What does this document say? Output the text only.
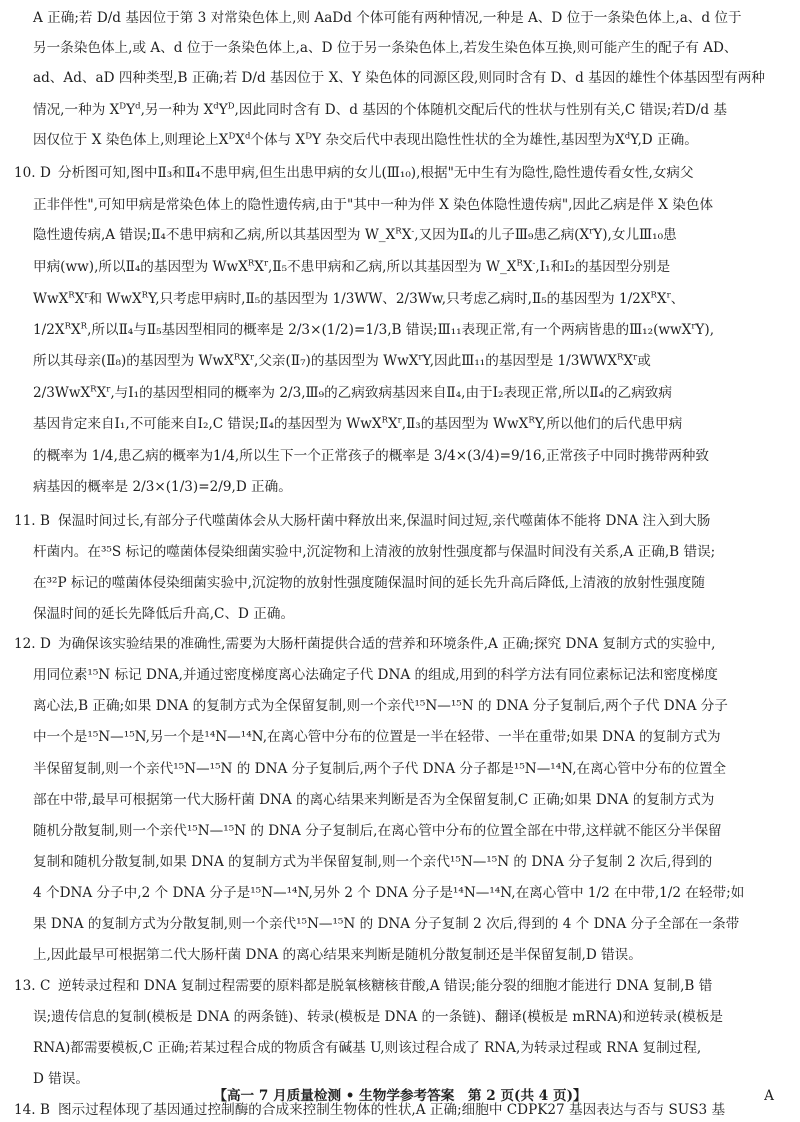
A 正确;若 D/d 基因位于第 3 对常染色体上,则 AaDd 个体可能有两种情况,一种是 A、D 位于一条染色体上,a、d 位于
另一条染色体上,或 A、d 位于一条染色体上,a、D 位于另一条染色体上,若发生染色体互换,则可能产生的配子有 AD、
ad、Ad、aD 四种类型,B 正确;若 D/d 基因位于 X、Y 染色体的同源区段,则同时含有 D、d 基因的雄性个体基因型有两种
情况,一种为 $X^DY^d$,另一种为 $X^dY^D$,因此同时含有 D、d 基因的个体随机交配后代的性状与性别有关,C 错误;若D/d 基
因仅位于 X 染色体上,则理论上$X^DX^d$个体与 $X^DY$ 杂交后代中表现出隐性性状的全为雄性,基因型为$X^dY,D$ 正确。
10. D 分析图可知,图中Ⅱ₃和Ⅱ₄不患甲病,但生出患甲病的女儿(Ⅲ₁₀),根据"无中生有为隐性,隐性遗传看女性,女病父
正非伴性",可知甲病是常染色体上的隐性遗传病,由于"其中一种为伴 X 染色体隐性遗传病",因此乙病是伴 X 染色体
隐性遗传病,A 错误;Ⅱ₄不患甲病和乙病,所以其基因型为 $W\_X^RX^-$,又因为Ⅱ₄的儿子Ⅲ₉患乙病$(X^rY)$,女儿Ⅲ₁₀患
甲病(ww),所以Ⅱ₄的基因型为 $WwX^RX^r,Ⅱ_5$不患甲病和乙病,所以其基因型为 $W\_X^RX^-,Ⅰ_1$和Ⅰ₂的基因型分别是
$WwX^RX^r$和 WwX$^R$Y,只考虑甲病时,Ⅱ₅的基因型为 1/3WW、2/3Ww,只考虑乙病时,Ⅱ₅的基因型为 $1/2X^RX^r$、
$1/2X^RX^R$,所以Ⅱ₄与Ⅱ₅基因型相同的概率是 2/3×(1/2)=1/3,B 错误;Ⅲ₁₁表现正常,有一个两病皆患的Ⅲ₁₂(wwX$^r$Y),
所以其母亲(Ⅱ₈)的基因型为 $WwX^RX^r$,父亲(Ⅱ₇)的基因型为 WwX$^r$Y,因此Ⅲ₁₁的基因型是 $1/3WWX^RX^r$或
$2/3WwX^RX^r$,与Ⅰ₁的基因型相同的概率为 2/3,Ⅲ₉的乙病致病基因来自Ⅱ₄,由于Ⅰ₂表现正常,所以Ⅱ₄的乙病致病
基因肯定来自Ⅰ₁,不可能来自Ⅰ₂,C 错误;Ⅱ₄的基因型为 $WwX^RX^r,Ⅱ_3$的基因型为 WwX$^R$Y,所以他们的后代患甲病
的概率为 1/4,患乙病的概率为1/4,所以生下一个正常孩子的概率是 3/4×(3/4)=9/16,正常孩子中同时携带两种致
病基因的概率是 2/3×(1/3)=2/9,D 正确。
11. B 保温时间过长,有部分子代噬菌体会从大肠杆菌中释放出来,保温时间过短,亲代噬菌体不能将 DNA 注入到大肠
杆菌内。在³⁵S 标记的噬菌体侵染细菌实验中,沉淀物和上清液的放射性强度都与保温时间没有关系,A 正确,B 错误;
在³²P 标记的噬菌体侵染细菌实验中,沉淀物的放射性强度随保温时间的延长先升高后降低,上清液的放射性强度随
保温时间的延长先降低后升高,C、D 正确。
12. D 为确保该实验结果的准确性,需要为大肠杆菌提供合适的营养和环境条件,A 正确;探究 DNA 复制方式的实验中,
用同位素¹⁵N 标记 DNA,并通过密度梯度离心法确定子代 DNA 的组成,用到的科学方法有同位素标记法和密度梯度
离心法,B 正确;如果 DNA 的复制方式为全保留复制,则一个亲代¹⁵N—¹⁵N 的 DNA 分子复制后,两个子代 DNA 分子
中一个是¹⁵N—¹⁵N,另一个是¹⁴N—¹⁴N,在离心管中分布的位置是一半在轻带、一半在重带;如果 DNA 的复制方式为
半保留复制,则一个亲代¹⁵N—¹⁵N 的 DNA 分子复制后,两个子代 DNA 分子都是¹⁵N—¹⁴N,在离心管中分布的位置全
部在中带,最早可根据第一代大肠杆菌 DNA 的离心结果来判断是否为全保留复制,C 正确;如果 DNA 的复制方式为
随机分散复制,则一个亲代¹⁵N—¹⁵N 的 DNA 分子复制后,在离心管中分布的位置全部在中带,这样就不能区分半保留
复制和随机分散复制,如果 DNA 的复制方式为半保留复制,则一个亲代¹⁵N—¹⁵N 的 DNA 分子复制 2 次后,得到的
4 个DNA 分子中,2 个 DNA 分子是¹⁵N—¹⁴N,另外 2 个 DNA 分子是¹⁴N—¹⁴N,在离心管中 1/2 在中带,1/2 在轻带;如
果 DNA 的复制方式为分散复制,则一个亲代¹⁵N—¹⁵N 的 DNA 分子复制 2 次后,得到的 4 个 DNA 分子全部在一条带
上,因此最早可根据第二代大肠杆菌 DNA 的离心结果来判断是随机分散复制还是半保留复制,D 错误。
13. C 逆转录过程和 DNA 复制过程需要的原料都是脱氧核糖核苷酸,A 错误;能分裂的细胞才能进行 DNA 复制,B 错
误;遗传信息的复制(模板是 DNA 的两条链)、转录(模板是 DNA 的一条链)、翻译(模板是 mRNA)和逆转录(模板是
RNA)都需要模板,C 正确;若某过程合成的物质含有碱基 U,则该过程合成了 RNA,为转录过程或 RNA 复制过程,
D 错误。
14. B 图示过程体现了基因通过控制酶的合成来控制生物体的性状,A 正确;细胞中 CDPK27 基因表达与否与 SUS3 基
【高一 7 月质量检测 • 生物学参考答案　第 2 页(共 4 页)】	A
